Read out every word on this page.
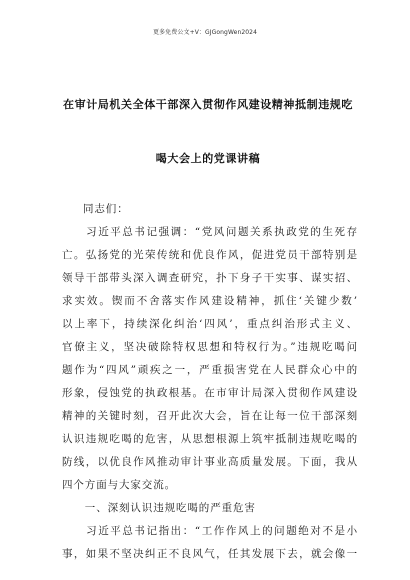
更多免费公文+V：GJGongWen2024
在审计局机关全体干部深入贯彻作风建设精神抵制违规吃
喝大会上的党课讲稿
同志们：
　　习近平总书记强调：“党风问题关系执政党的生死存
亡。弘扬党的光荣传统和优良作风，促进党员干部特别是
领导干部带头深入调查研究，扑下身子干实事、谋实招、
求实效。锲而不舍落实作风建设精神，抓住‘关键少数’
以上率下，持续深化纠治‘四风’，重点纠治形式主义、
官僚主义，坚决破除特权思想和特权行为。”违规吃喝问
题作为“四风”顽疾之一，严重损害党在人民群众心中的
形象，侵蚀党的执政根基。在市审计局深入贯彻作风建设
精神的关键时刻，召开此次大会，旨在让每一位干部深刻
认识违规吃喝的危害，从思想根源上筑牢抵制违规吃喝的
防线，以优良作风推动审计事业高质量发展。下面，我从
四个方面与大家交流。
　　一、深刻认识违规吃喝的严重危害
　　习近平总书记指出：“工作作风上的问题绝对不是小
事，如果不坚决纠正不良风气，任其发展下去，就会像一
